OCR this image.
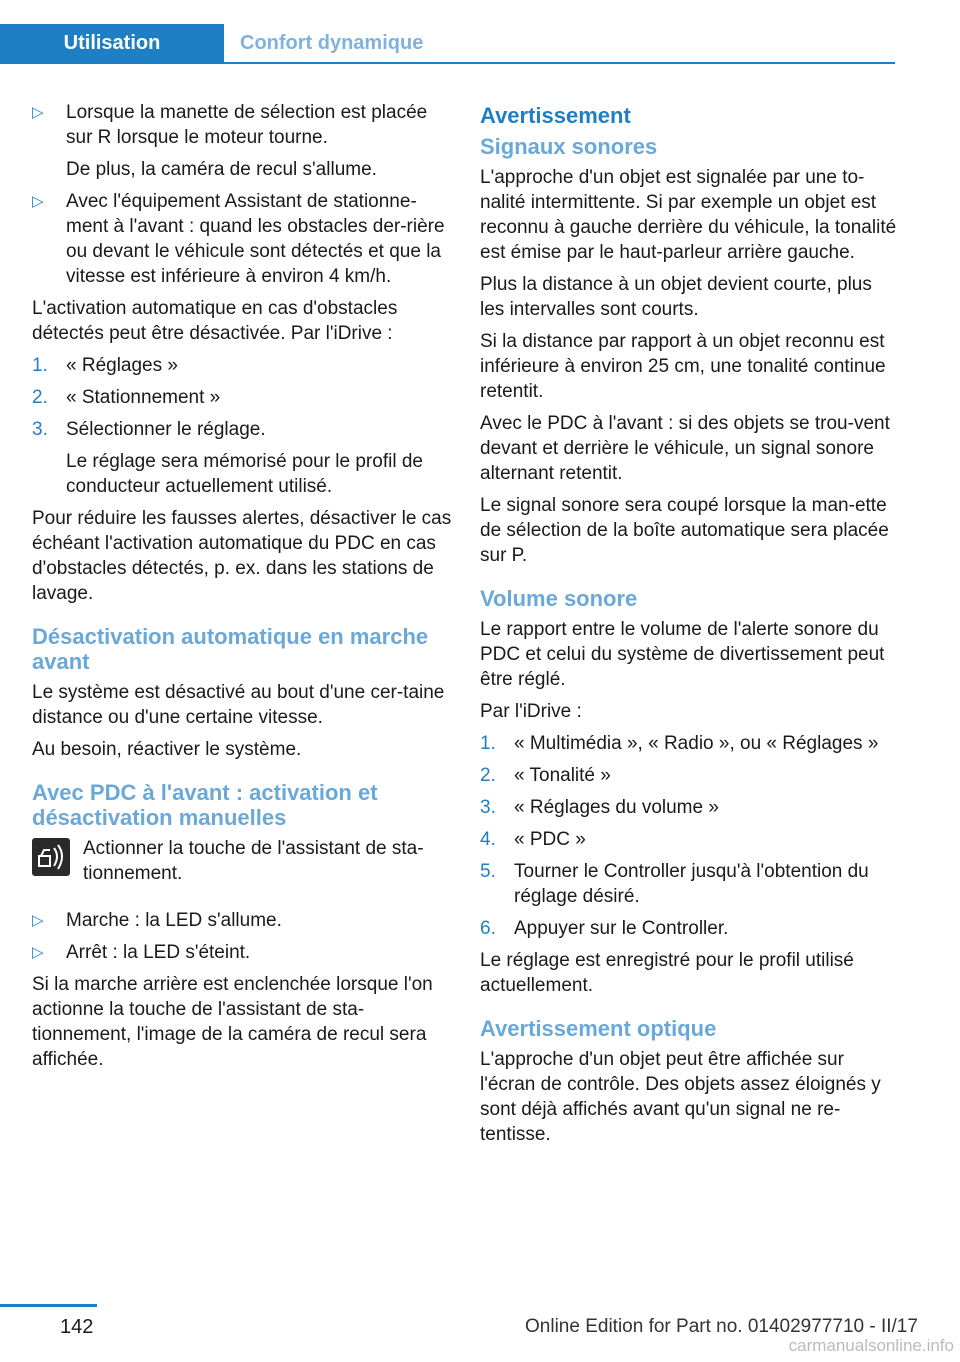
Utilisation	Confort dynamique
▷ Lorsque la manette de sélection est placée sur R lorsque le moteur tourne.
De plus, la caméra de recul s'allume.
▷ Avec l'équipement Assistant de stationne‐ment à l'avant : quand les obstacles der‐rière ou devant le véhicule sont détectés et que la vitesse est inférieure à environ 4 km/h.

L'activation automatique en cas d'obstacles détectés peut être désactivée. Par l'iDrive :

1. « Réglages »
2. « Stationnement »
3. Sélectionner le réglage.
Le réglage sera mémorisé pour le profil de conducteur actuellement utilisé.

Pour réduire les fausses alertes, désactiver le cas échéant l'activation automatique du PDC en cas d'obstacles détectés, p. ex. dans les stations de lavage.

Désactivation automatique en marche avant

Le système est désactivé au bout d'une cer‐taine distance ou d'une certaine vitesse.

Au besoin, réactiver le système.

Avec PDC à l'avant : activation et désactivation manuelles
Actionner la touche de l'assistant de sta‐tionnement.
▷ Marche : la LED s'allume.
▷ Arrêt : la LED s'éteint.

Si la marche arrière est enclenchée lorsque l'on actionne la touche de l'assistant de sta‐tionnement, l'image de la caméra de recul sera affichée.

Avertissement
Signaux sonores

L'approche d'un objet est signalée par une to‐nalité intermittente. Si par exemple un objet est reconnu à gauche derrière du véhicule, la tonalité est émise par le haut-parleur arrière gauche.

Plus la distance à un objet devient courte, plus les intervalles sont courts.

Si la distance par rapport à un objet reconnu est inférieure à environ 25 cm, une tonalité continue retentit.

Avec le PDC à l'avant : si des objets se trou‐vent devant et derrière le véhicule, un signal sonore alternant retentit.

Le signal sonore sera coupé lorsque la man‐ette de sélection de la boîte automatique sera placée sur P.

Volume sonore

Le rapport entre le volume de l'alerte sonore du PDC et celui du système de divertissement peut être réglé.

Par l'iDrive :

1. « Multimédia », « Radio », ou « Réglages »
2. « Tonalité »
3. « Réglages du volume »
4. « PDC »
5. Tourner le Controller jusqu'à l'obtention du réglage désiré.
6. Appuyer sur le Controller.

Le réglage est enregistré pour le profil utilisé actuellement.

Avertissement optique

L'approche d'un objet peut être affichée sur l'écran de contrôle. Des objets assez éloignés y sont déjà affichés avant qu'un signal ne re‐tentisse.

142	Online Edition for Part no. 01402977710 - II/17
carmanualsonline.info
